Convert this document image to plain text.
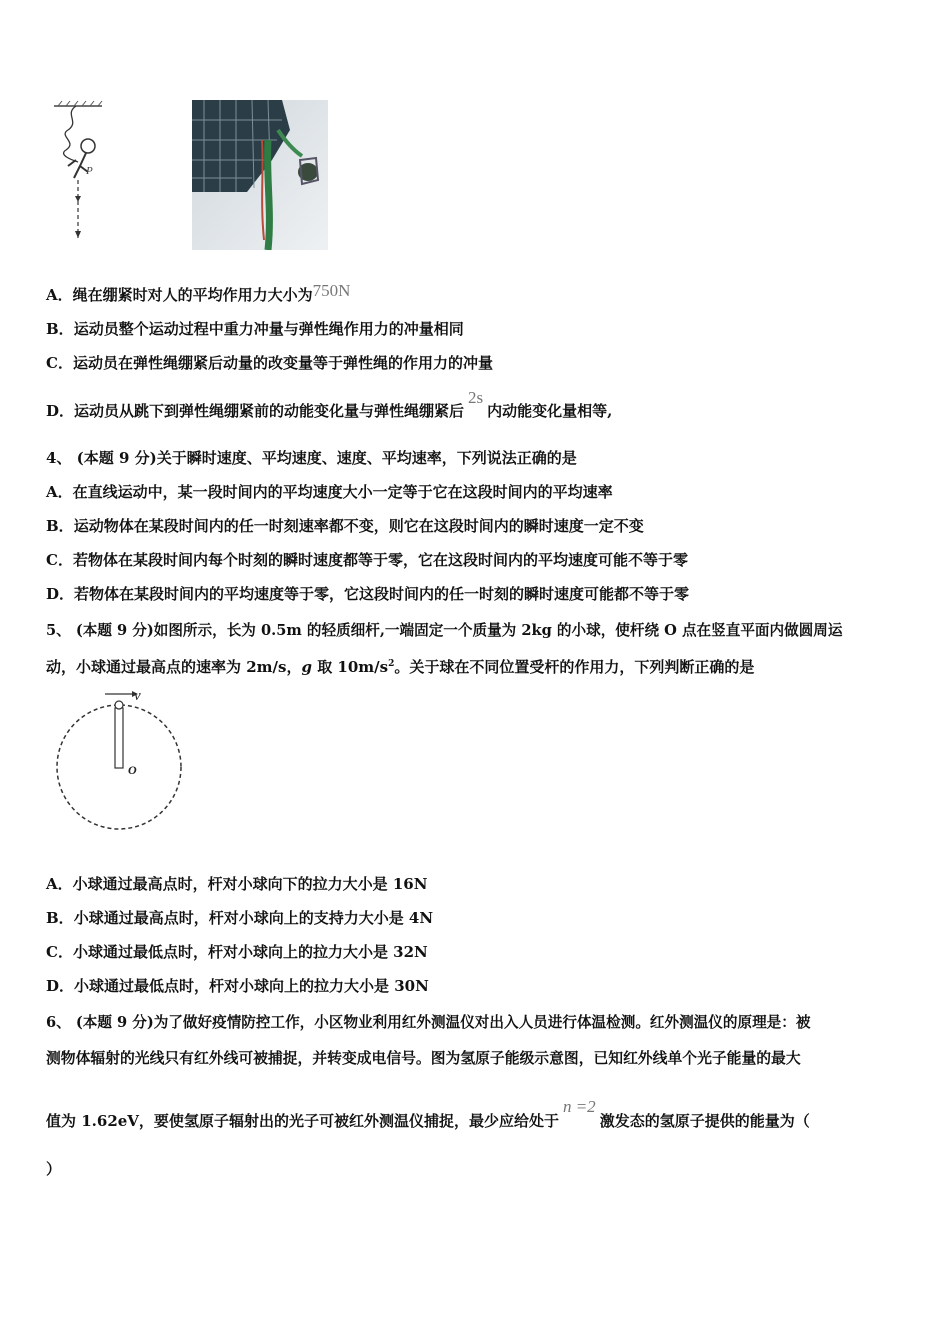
P
A．绳在绷紧时对人的平均作用力大小为750N
B．运动员整个运动过程中重力冲量与弹性绳作用力的冲量相同
C．运动员在弹性绳绷紧后动量的改变量等于弹性绳的作用力的冲量
D．运动员从跳下到弹性绳绷紧前的动能变化量与弹性绳绷紧后2s内动能变化量相等,
4、 (本题 9 分)关于瞬时速度、平均速度、速度、平均速率，下列说法正确的是
A．在直线运动中，某一段时间内的平均速度大小一定等于它在这段时间内的平均速率
B．运动物体在某段时间内的任一时刻速率都不变，则它在这段时间内的瞬时速度一定不变
C．若物体在某段时间内每个时刻的瞬时速度都等于零，它在这段时间内的平均速度可能不等于零
D．若物体在某段时间内的平均速度等于零，它这段时间内的任一时刻的瞬时速度可能都不等于零
5、 (本题 9 分)如图所示，长为 0.5m 的轻质细杆,一端固定一个质量为 2kg 的小球，使杆绕 O 点在竖直平面内做圆周运
动，小球通过最高点的速率为 2m/s，g 取 $10m/s^2$。关于球在不同位置受杆的作用力，下列判断正确的是
v
O
A．小球通过最高点时，杆对小球向下的拉力大小是 16N
B．小球通过最高点时，杆对小球向上的支持力大小是 4N
C．小球通过最低点时，杆对小球向上的拉力大小是 32N
D．小球通过最低点时，杆对小球向上的拉力大小是 30N
6、 (本题 9 分)为了做好疫情防控工作，小区物业利用红外测温仪对出入人员进行体温检测。红外测温仪的原理是：被
测物体辐射的光线只有红外线可被捕捉，并转变成电信号。图为氢原子能级示意图，已知红外线单个光子能量的最大
值为 1.62eV，要使氢原子辐射出的光子可被红外测温仪捕捉，最少应给处于n =2激发态的氢原子提供的能量为（
）
